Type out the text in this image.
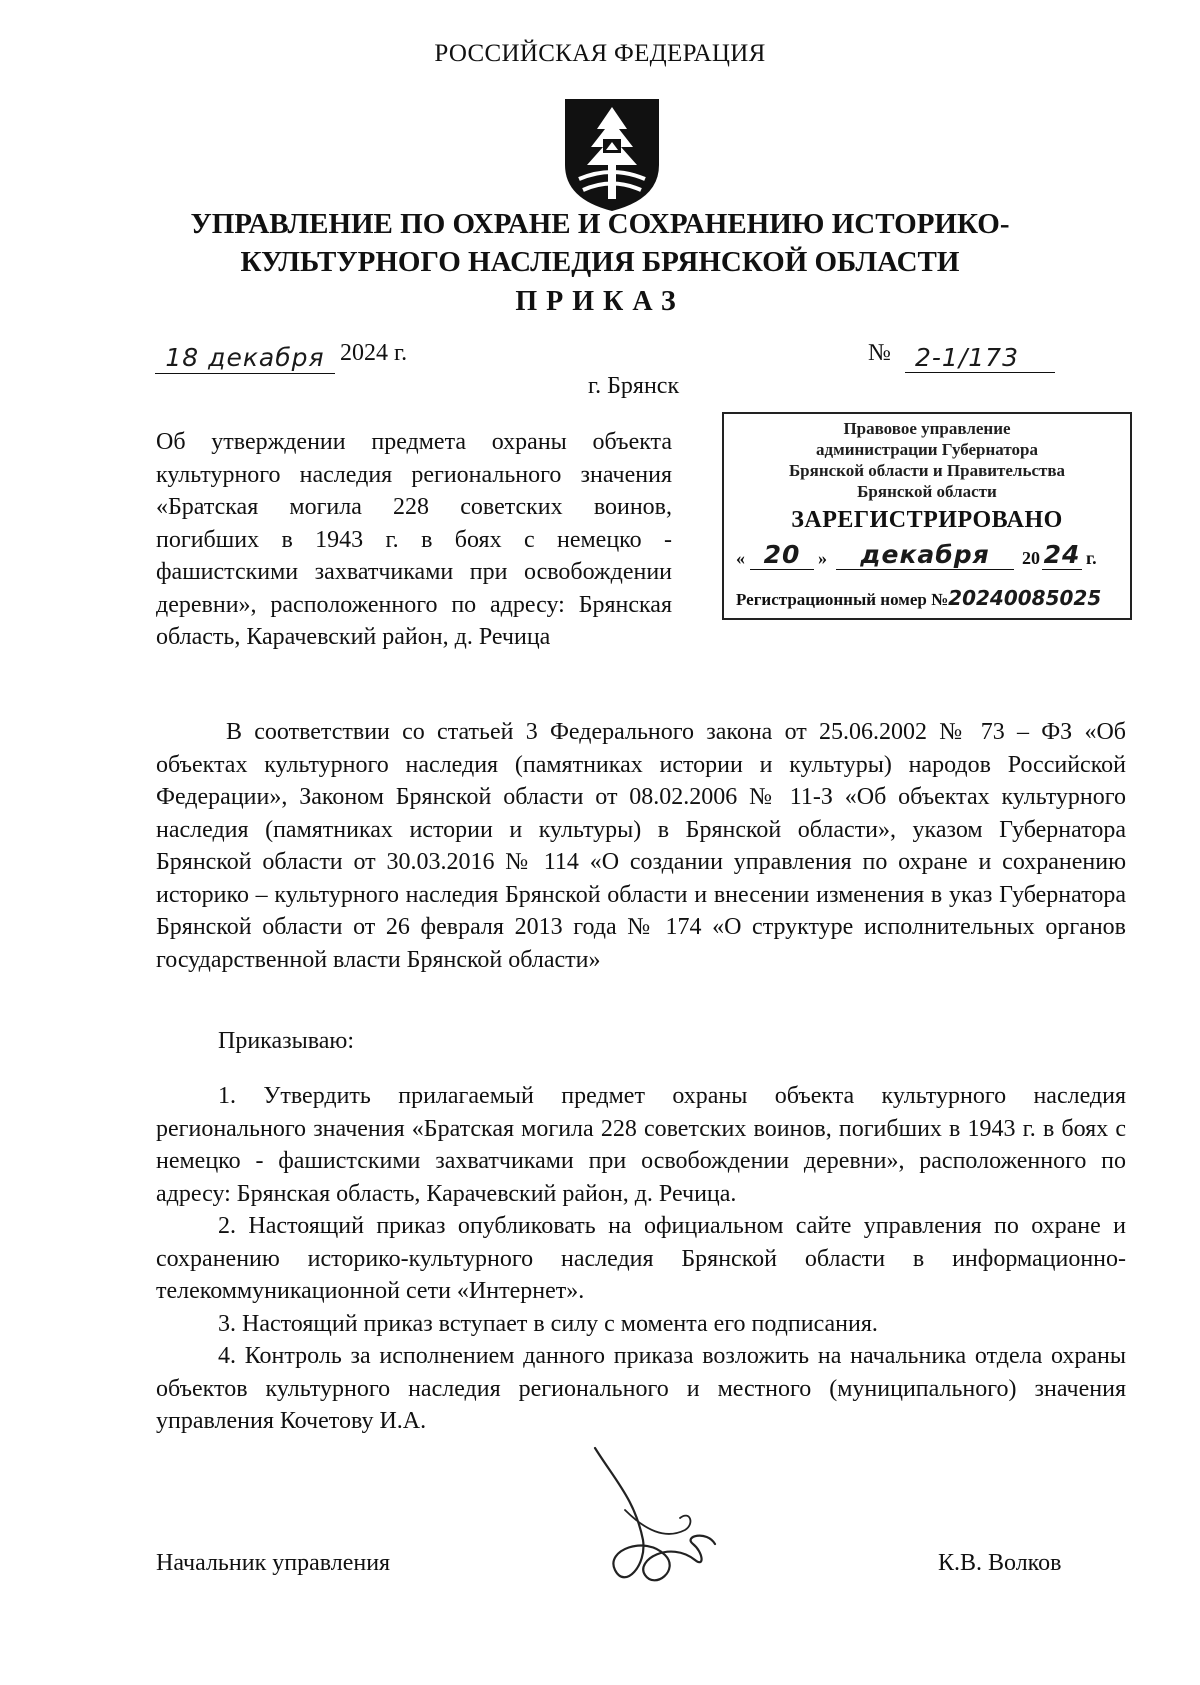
РОССИЙСКАЯ ФЕДЕРАЦИЯ
УПРАВЛЕНИЕ ПО ОХРАНЕ И СОХРАНЕНИЮ ИСТОРИКО-
КУЛЬТУРНОГО НАСЛЕДИЯ БРЯНСКОЙ ОБЛАСТИ
ПРИКАЗ
18 декабря 2024 г.	№ 2-1/173
г. Брянск
Об утверждении предмета охраны объекта культурного наследия регионального значения «Братская могила 228 советских воинов, погибших в 1943 г. в боях с немецко - фашистскими захватчиками при освобождении деревни», расположенного по адресу: Брянская область, Карачевский район, д. Речица
Правовое управление
администрации Губернатора
Брянской области и Правительства
Брянской области
ЗАРЕГИСТРИРОВАНО
« 20 »	декабря	20 24 г.
Регистрационный номер №20240085025

В соответствии со статьей 3 Федерального закона от 25.06.2002 № 73 – ФЗ «Об объектах культурного наследия (памятниках истории и культуры) народов Российской Федерации», Законом Брянской области от 08.02.2006 № 11-З «Об объектах культурного наследия (памятниках истории и культуры) в Брянской области», указом Губернатора Брянской области от 30.03.2016 № 114 «О создании управления по охране и сохранению историко – культурного наследия Брянской области и внесении изменения в указ Губернатора Брянской области от 26 февраля 2013 года № 174 «О структуре исполнительных органов государственной власти Брянской области»

Приказываю:

1. Утвердить прилагаемый предмет охраны объекта культурного наследия регионального значения «Братская могила 228 советских воинов, погибших в 1943 г. в боях с немецко - фашистскими захватчиками при освобождении деревни», расположенного по адресу: Брянская область, Карачевский район, д. Речица.

2. Настоящий приказ опубликовать на официальном сайте управления по охране и сохранению историко-культурного наследия Брянской области в информационно-телекоммуникационной сети «Интернет».

3. Настоящий приказ вступает в силу с момента его подписания.

4. Контроль за исполнением данного приказа возложить на начальника отдела охраны объектов культурного наследия регионального и местного (муниципального) значения управления Кочетову И.А.

Начальник управления	К.В. Волков
